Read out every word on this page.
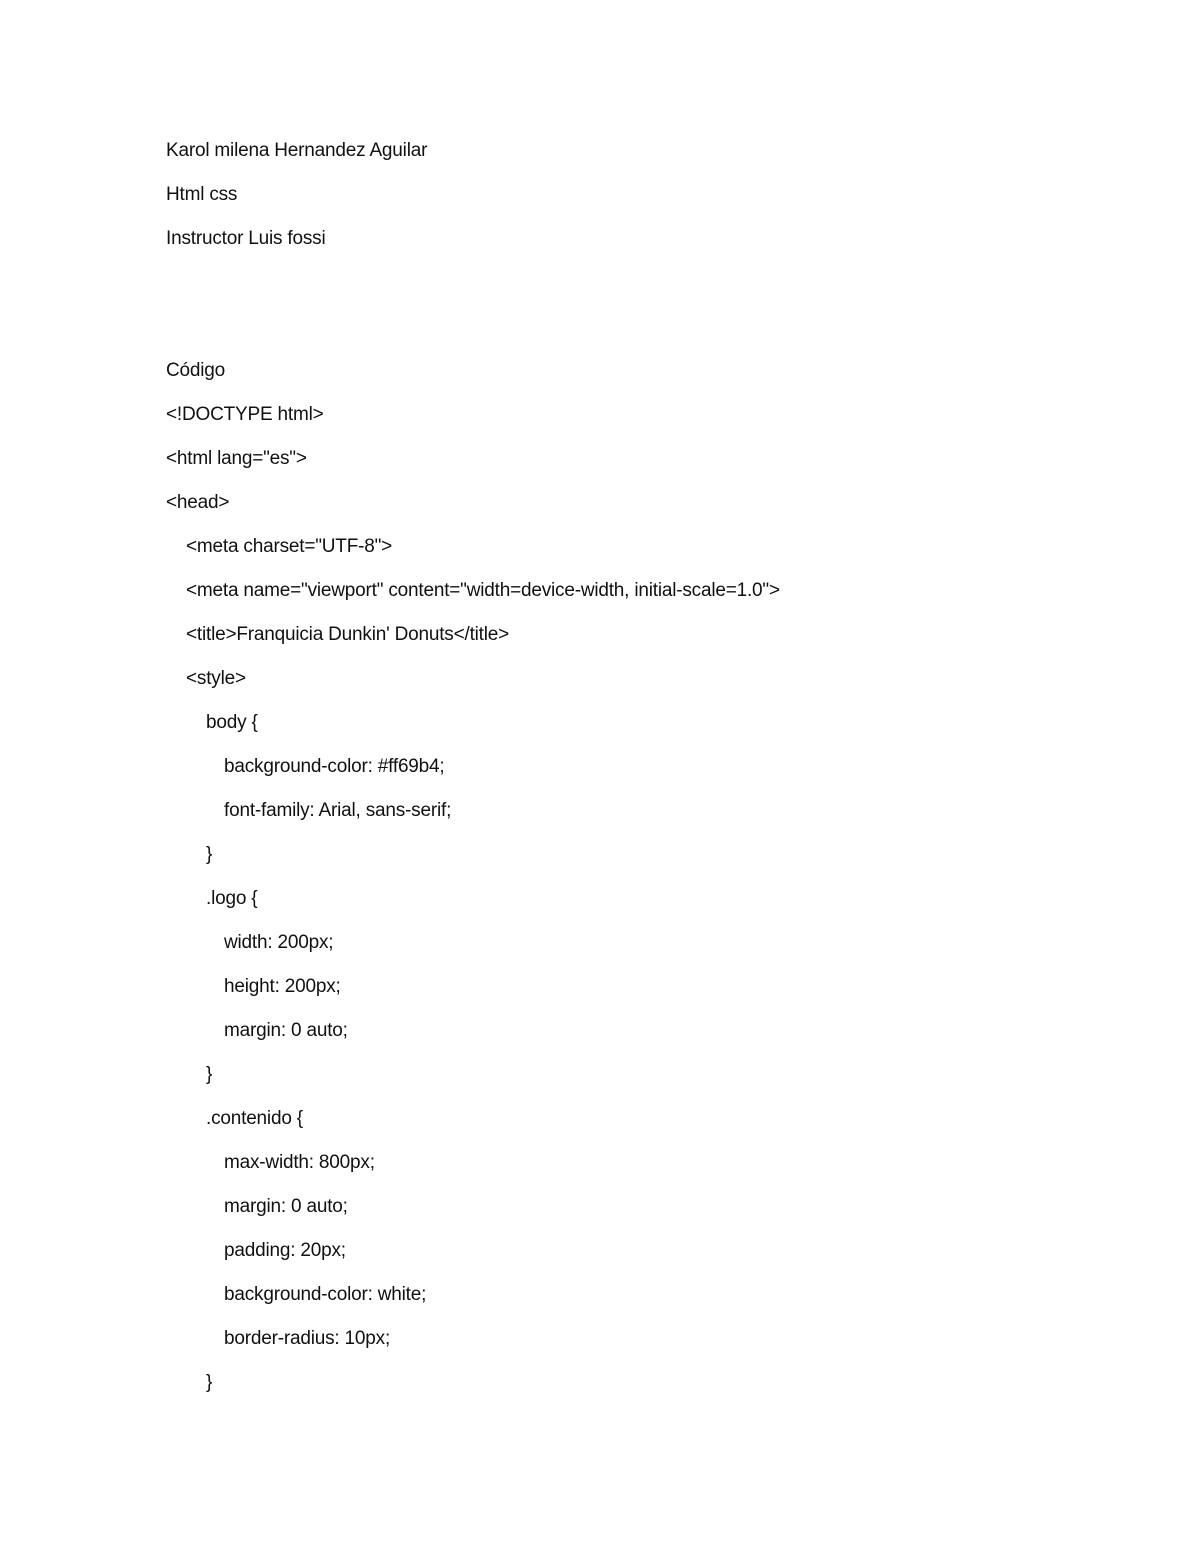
Karol milena Hernandez Aguilar
Html css
Instructor Luis fossi
Código
<!DOCTYPE html>
<html lang="es">
<head>
<meta charset="UTF-8">
<meta name="viewport" content="width=device-width, initial-scale=1.0">
<title>Franquicia Dunkin' Donuts</title>
<style>
body {
background-color: #ff69b4;
font-family: Arial, sans-serif;
}
.logo {
width: 200px;
height: 200px;
margin: 0 auto;
}
.contenido {
max-width: 800px;
margin: 0 auto;
padding: 20px;
background-color: white;
border-radius: 10px;
}
